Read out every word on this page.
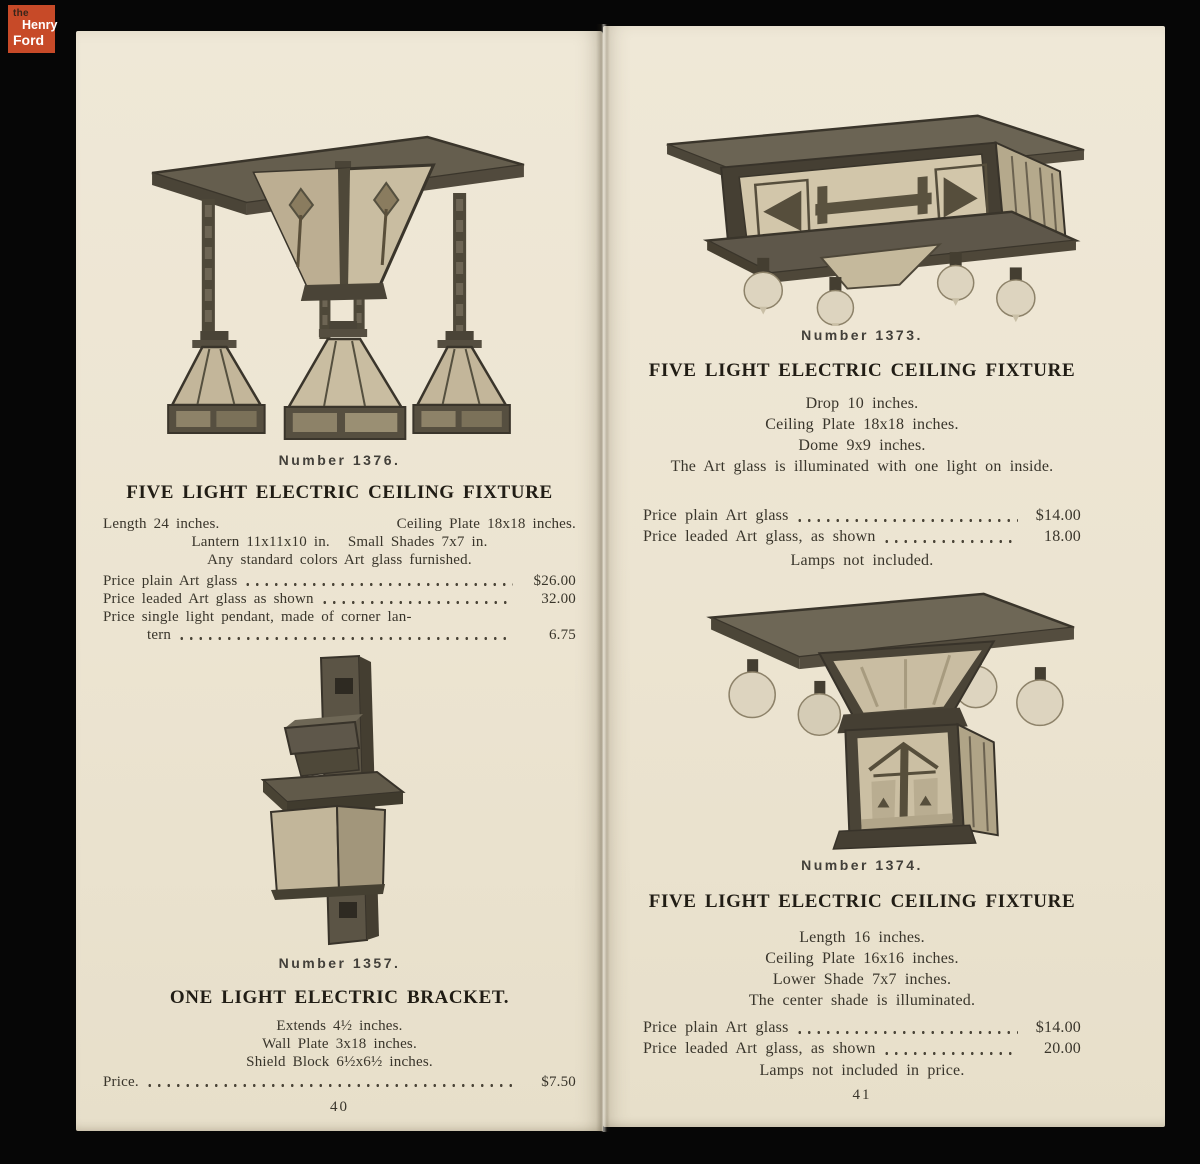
the
Henry
Ford
Number 1376.
FIVE LIGHT ELECTRIC CEILING FIXTURE
Length 24 inches.	Ceiling Plate 18x18 inches.
Lantern 11x11x10 in. Small Shades 7x7 in.
Any standard colors Art glass furnished.
Price plain Art glass	$26.00
Price leaded Art glass as shown	32.00
Price single light pendant, made of corner lan-
tern	6.75
Number 1357.
ONE LIGHT ELECTRIC BRACKET.
Extends 4½ inches.
Wall Plate 3x18 inches.
Shield Block 6½x6½ inches.
Price.	$7.50
40
Number 1373.
FIVE LIGHT ELECTRIC CEILING FIXTURE
Drop 10 inches.
Ceiling Plate 18x18 inches.
Dome 9x9 inches.
The Art glass is illuminated with one light on inside.
Price plain Art glass	$14.00
Price leaded Art glass, as shown	18.00
Lamps not included.
Number 1374.
FIVE LIGHT ELECTRIC CEILING FIXTURE
Length 16 inches.
Ceiling Plate 16x16 inches.
Lower Shade 7x7 inches.
The center shade is illuminated.
Price plain Art glass	$14.00
Price leaded Art glass, as shown	20.00
Lamps not included in price.
41
